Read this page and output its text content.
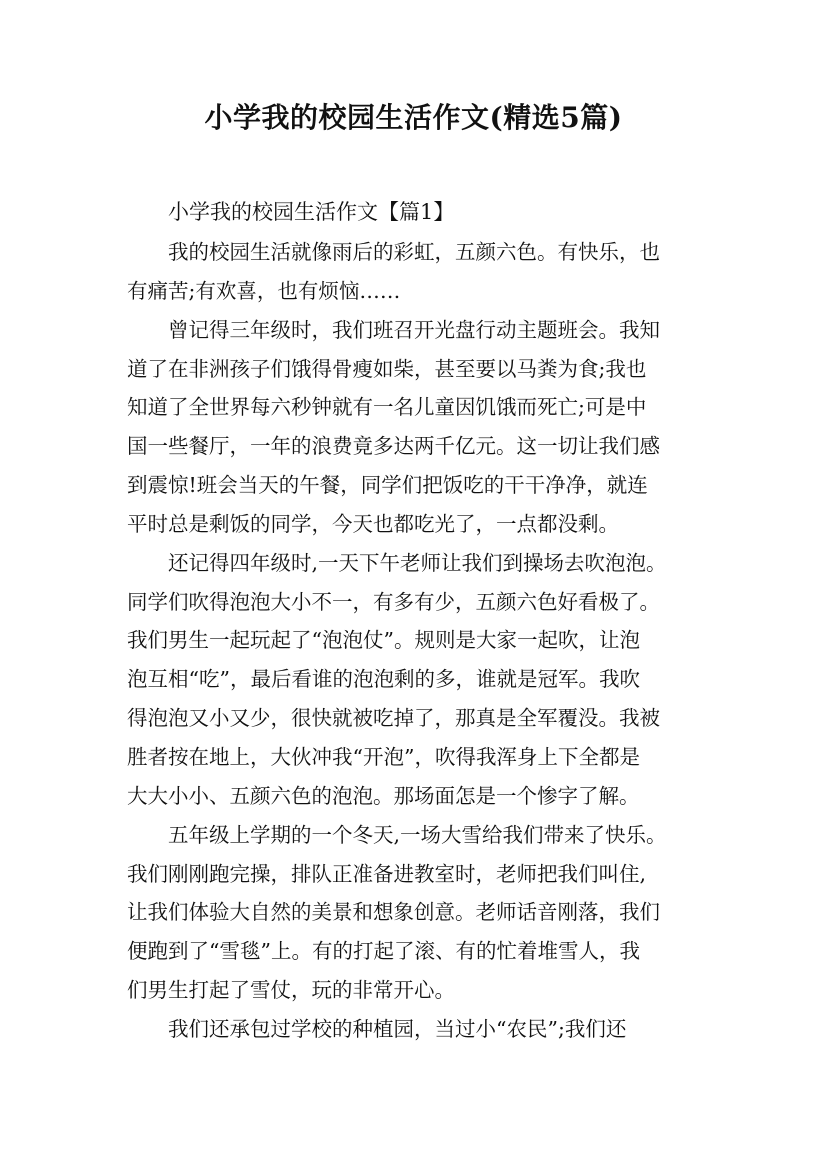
小学我的校园生活作文(精选5篇)
小学我的校园生活作文【篇1】
我的校园生活就像雨后的彩虹，五颜六色。有快乐，也
有痛苦;有欢喜，也有烦恼……
曾记得三年级时，我们班召开光盘行动主题班会。我知
道了在非洲孩子们饿得骨瘦如柴，甚至要以马粪为食;我也
知道了全世界每六秒钟就有一名儿童因饥饿而死亡;可是中
国一些餐厅，一年的浪费竟多达两千亿元。这一切让我们感
到震惊!班会当天的午餐，同学们把饭吃的干干净净，就连
平时总是剩饭的同学，今天也都吃光了，一点都没剩。
还记得四年级时,一天下午老师让我们到操场去吹泡泡。
同学们吹得泡泡大小不一，有多有少，五颜六色好看极了。
我们男生一起玩起了“泡泡仗”。规则是大家一起吹，让泡
泡互相“吃”，最后看谁的泡泡剩的多，谁就是冠军。我吹
得泡泡又小又少，很快就被吃掉了，那真是全军覆没。我被
胜者按在地上，大伙冲我“开泡”，吹得我浑身上下全都是
大大小小、五颜六色的泡泡。那场面怎是一个惨字了解。
五年级上学期的一个冬天,一场大雪给我们带来了快乐。
我们刚刚跑完操，排队正准备进教室时，老师把我们叫住,
让我们体验大自然的美景和想象创意。老师话音刚落，我们
便跑到了“雪毯”上。有的打起了滚、有的忙着堆雪人，我
们男生打起了雪仗，玩的非常开心。
我们还承包过学校的种植园，当过小“农民”;我们还
